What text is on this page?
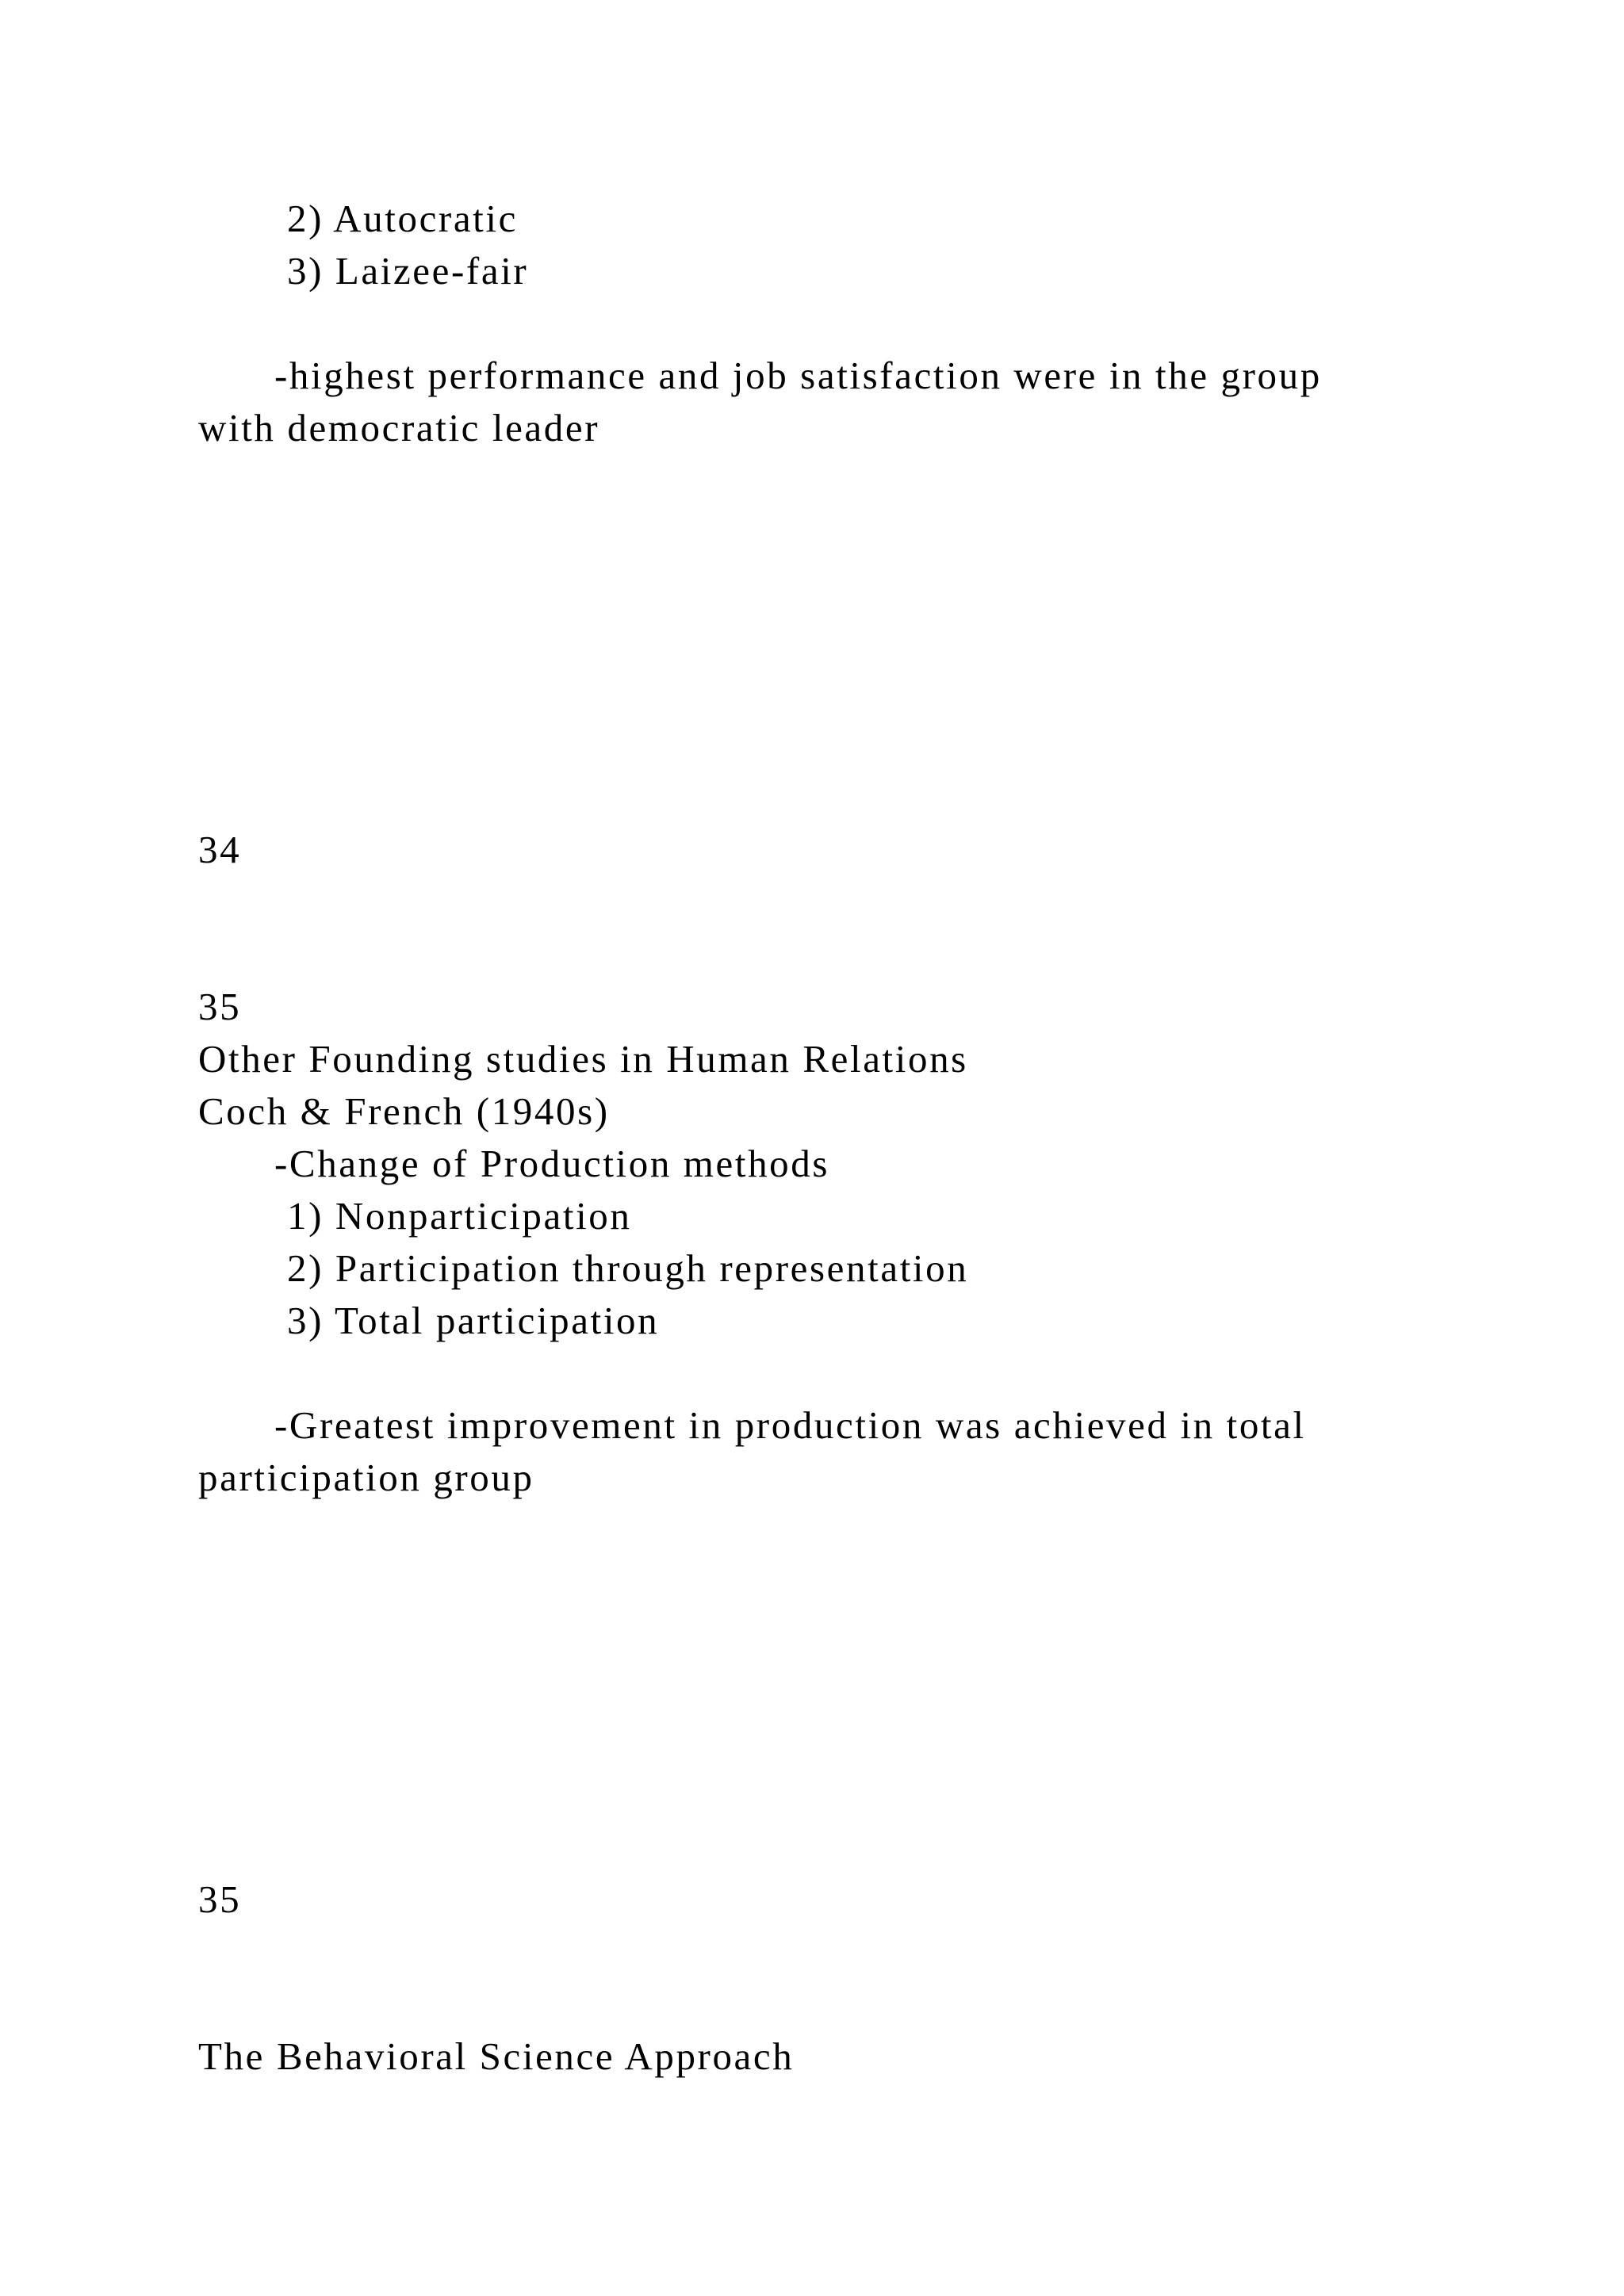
2) Autocratic
3) Laizee-fair
-highest performance and job satisfaction were in the group
with democratic leader
34
35
Other Founding studies in Human Relations
Coch & French (1940s)
-Change of Production methods
1) Nonparticipation
2) Participation through representation
3) Total participation
-Greatest improvement in production was achieved in total
participation group
35
The Behavioral Science Approach
